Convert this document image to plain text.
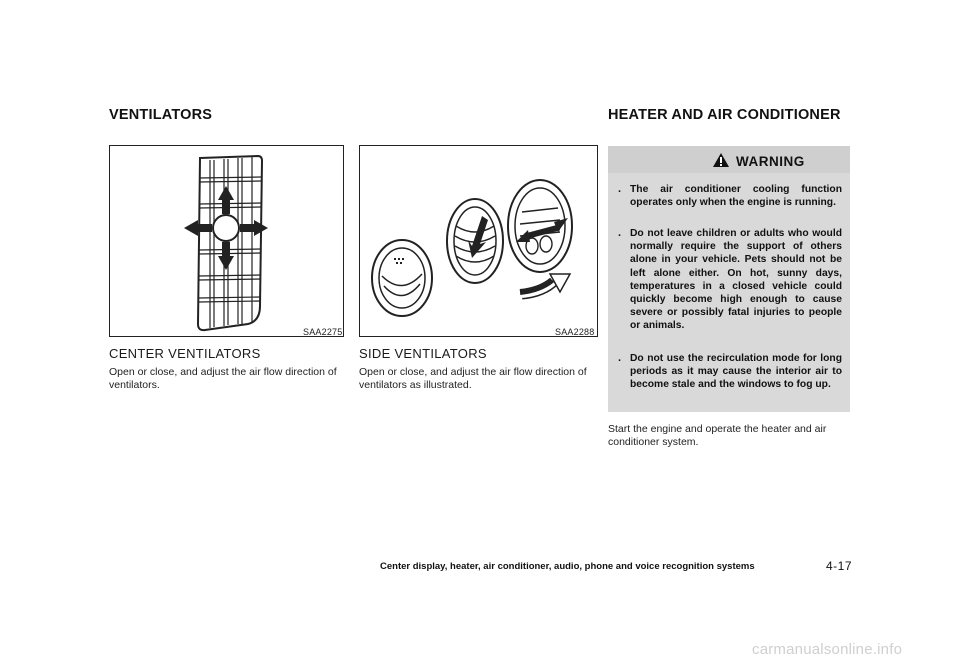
VENTILATORS	HEATER AND AIR CONDITIONER
SAA2275
CENTER VENTILATORS
Open or close, and adjust the air flow direction of ventilators.
SAA2288
SIDE VENTILATORS
Open or close, and adjust the air flow direction of ventilators as illustrated.
WARNING
. The air conditioner cooling function operates only when the engine is running.
. Do not leave children or adults who would normally require the support of others alone in your vehicle. Pets should not be left alone either. On hot, sunny days, temperatures in a closed vehicle could quickly become high enough to cause severe or possibly fatal injuries to people or animals.
. Do not use the recirculation mode for long periods as it may cause the interior air to become stale and the windows to fog up.
Start the engine and operate the heater and air conditioner system.
Center display, heater, air conditioner, audio, phone and voice recognition systems	4-17
carmanualsonline.info
